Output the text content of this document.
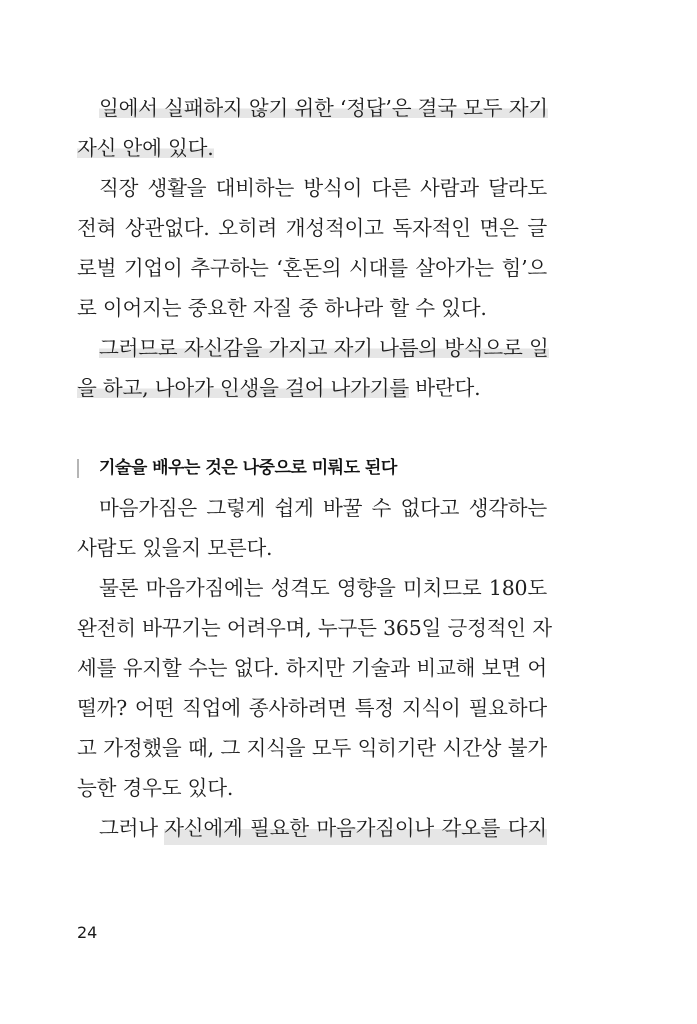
일에서 실패하지 않기 위한 ‘정답’은 결국 모두 자기
자신 안에 있다.
직장 생활을 대비하는 방식이 다른 사람과 달라도
전혀 상관없다. 오히려 개성적이고 독자적인 면은 글
로벌 기업이 추구하는 ‘혼돈의 시대를 살아가는 힘’으
로 이어지는 중요한 자질 중 하나라 할 수 있다.
그러므로 자신감을 가지고 자기 나름의 방식으로 일
을 하고, 나아가 인생을 걸어 나가기를 바란다.
기술을 배우는 것은 나중으로 미뤄도 된다
마음가짐은 그렇게 쉽게 바꿀 수 없다고 생각하는
사람도 있을지 모른다.
물론 마음가짐에는 성격도 영향을 미치므로 180도
완전히 바꾸기는 어려우며, 누구든 365일 긍정적인 자
세를 유지할 수는 없다. 하지만 기술과 비교해 보면 어
떨까? 어떤 직업에 종사하려면 특정 지식이 필요하다
고 가정했을 때, 그 지식을 모두 익히기란 시간상 불가
능한 경우도 있다.
그러나 자신에게 필요한 마음가짐이나 각오를 다지
24
